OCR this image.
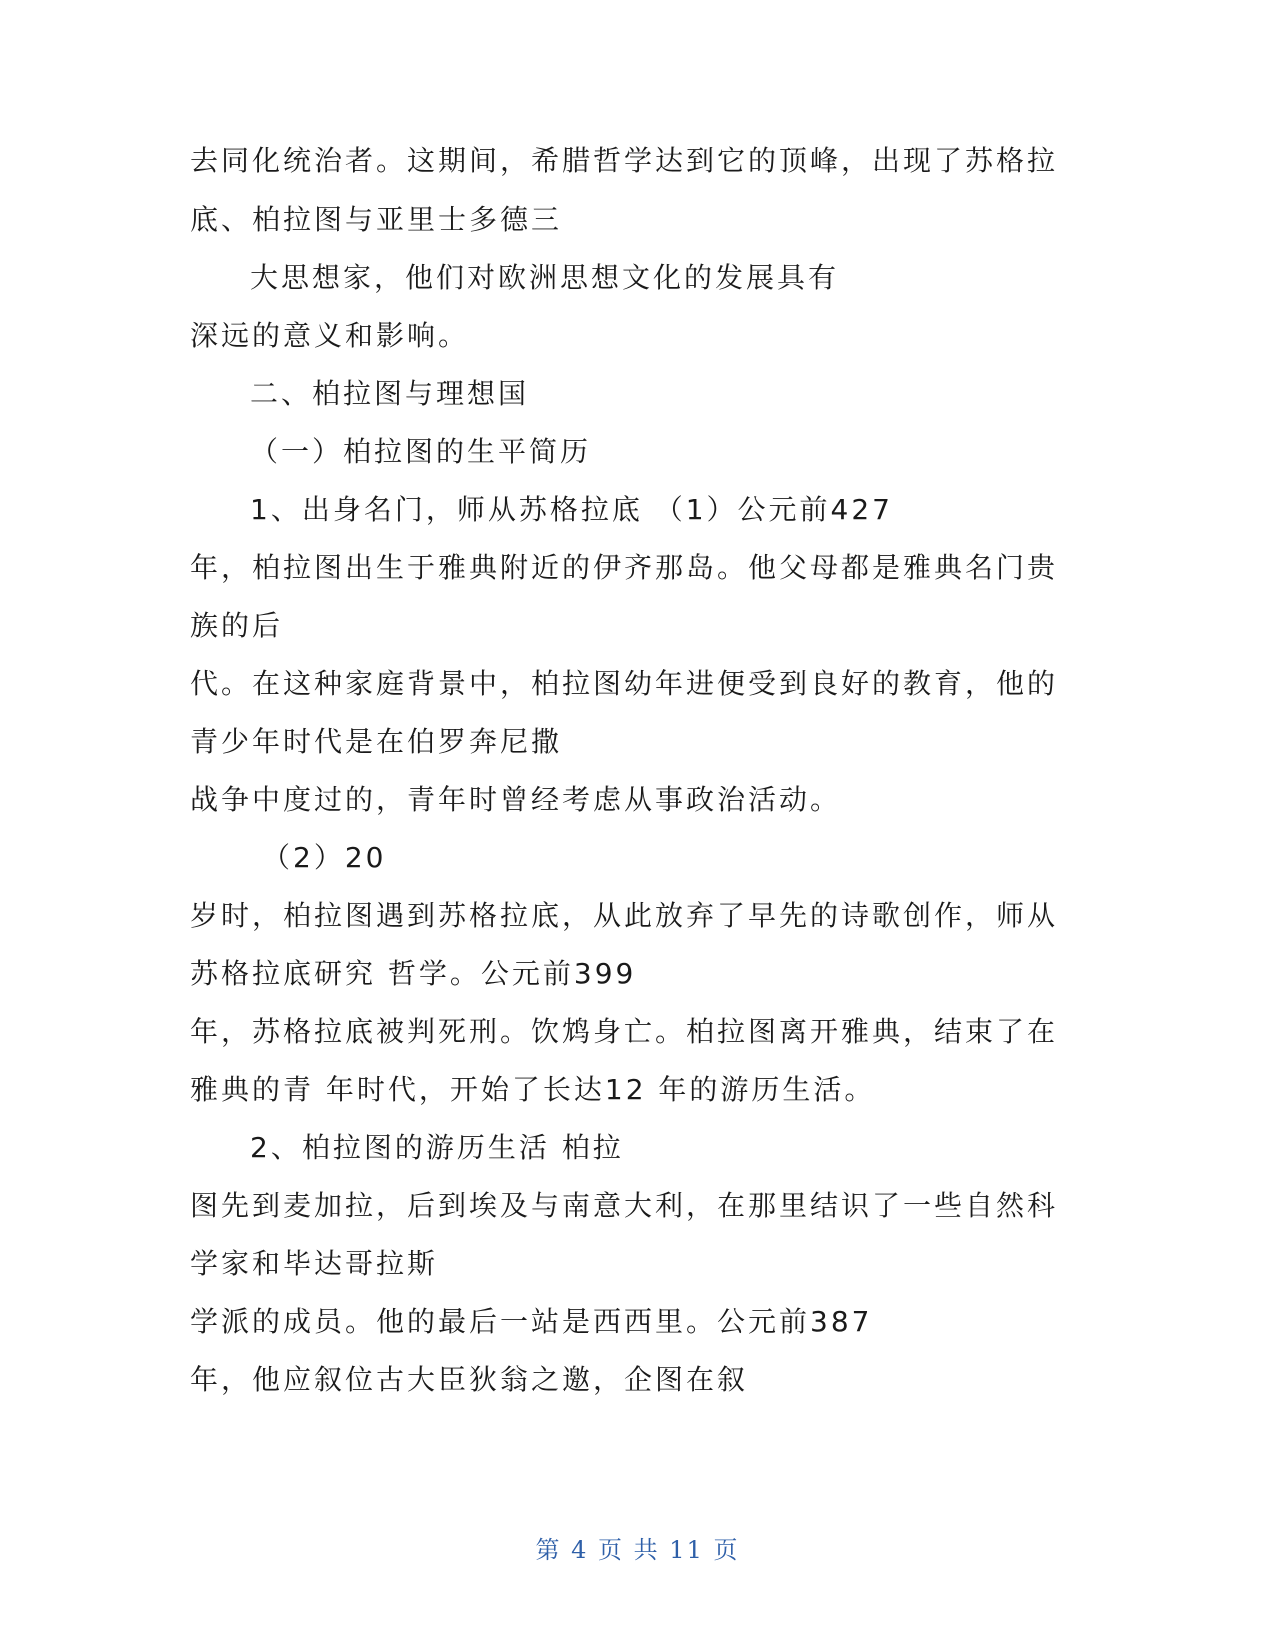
去同化统治者。这期间，希腊哲学达到它的顶峰，出现了苏格拉
底、柏拉图与亚里士多德三
大思想家，他们对欧洲思想文化的发展具有
深远的意义和影响。
二、柏拉图与理想国
（一）柏拉图的生平简历
1、出身名门，师从苏格拉底 （1）公元前427
年，柏拉图出生于雅典附近的伊齐那岛。他父母都是雅典名门贵
族的后
代。在这种家庭背景中，柏拉图幼年进便受到良好的教育，他的
青少年时代是在伯罗奔尼撒
战争中度过的，青年时曾经考虑从事政治活动。
（2）20
岁时，柏拉图遇到苏格拉底，从此放弃了早先的诗歌创作，师从
苏格拉底研究 哲学。公元前399
年，苏格拉底被判死刑。饮鸩身亡。柏拉图离开雅典，结束了在
雅典的青 年时代，开始了长达12 年的游历生活。
2、柏拉图的游历生活 柏拉
图先到麦加拉，后到埃及与南意大利，在那里结识了一些自然科
学家和毕达哥拉斯
学派的成员。他的最后一站是西西里。公元前387
年，他应叙位古大臣狄翁之邀，企图在叙
第 4 页 共 11 页
